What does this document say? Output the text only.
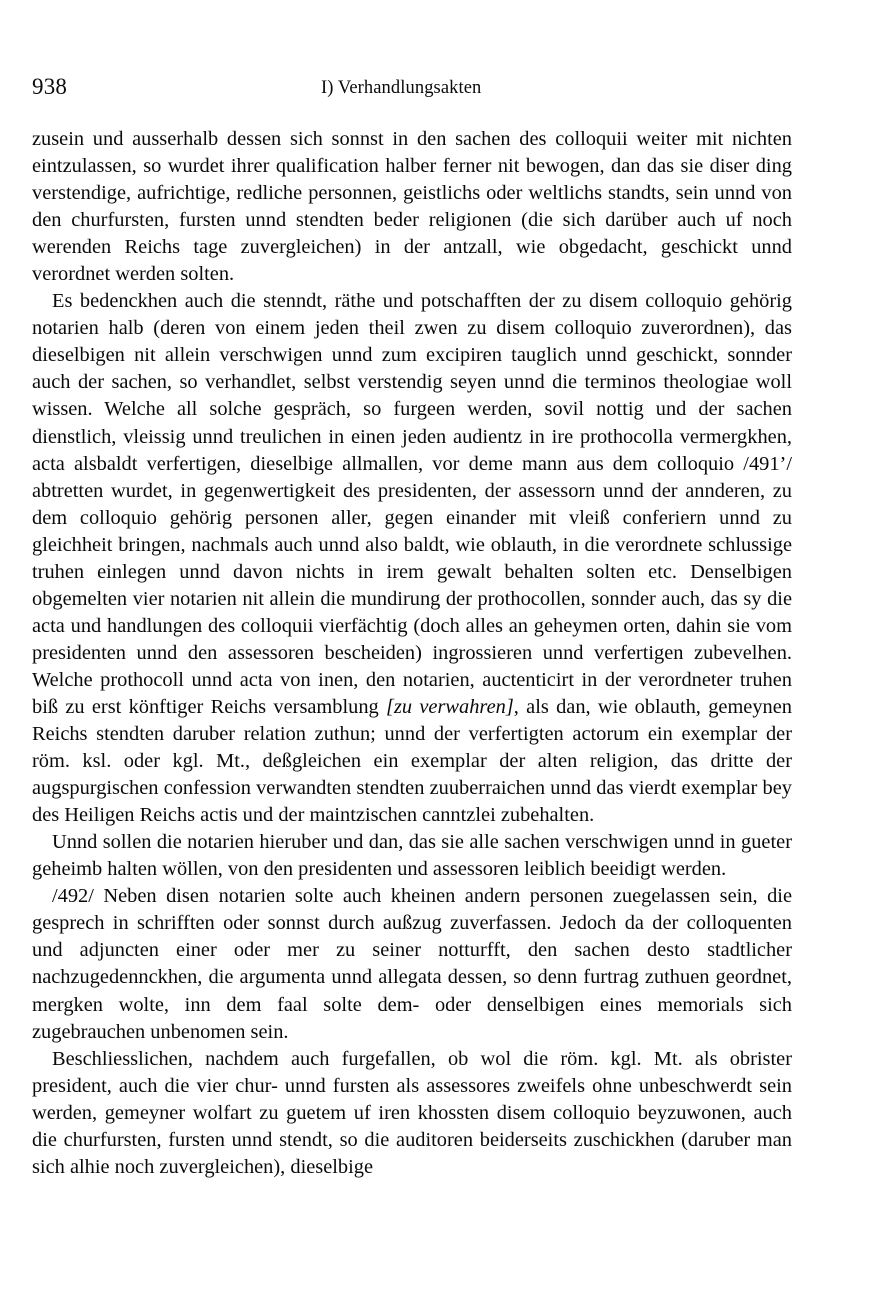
938	I) Verhandlungsakten

zusein und ausserhalb dessen sich sonnst in den sachen des colloquii weiter mit nichten eintzulassen, so wurdet ihrer qualification halber ferner nit bewogen, dan das sie diser ding verstendige, aufrichtige, redliche personnen, geistlichs oder weltlichs standts, sein unnd von den churfursten, fursten unnd stendten beder religionen (die sich darüber auch uf noch werenden Reichs tage zuvergleichen) in der antzall, wie obgedacht, geschickt unnd verordnet werden solten.

Es bedenckhen auch die stenndt, räthe und potschafften der zu disem colloquio gehörig notarien halb (deren von einem jeden theil zwen zu disem colloquio zuverordnen), das dieselbigen nit allein verschwigen unnd zum excipiren tauglich unnd geschickt, sonnder auch der sachen, so verhandlet, selbst verstendig seyen unnd die terminos theologiae woll wissen. Welche all solche gespräch, so furgeen werden, sovil nottig und der sachen dienstlich, vleissig unnd treulichen in einen jeden audientz in ire prothocolla vermergkhen, acta alsbaldt verfertigen, dieselbige allmallen, vor deme mann aus dem colloquio /491’/ abtretten wurdet, in gegenwertigkeit des presidenten, der assessorn unnd der annderen, zu dem colloquio gehörig personen aller, gegen einander mit vleiß conferiern unnd zu gleichheit bringen, nachmals auch unnd also baldt, wie oblauth, in die verordnete schlussige truhen einlegen unnd davon nichts in irem gewalt behalten solten etc. Denselbigen obgemelten vier notarien nit allein die mundirung der prothocollen, sonnder auch, das sy die acta und handlungen des colloquii vierfächtig (doch alles an geheymen orten, dahin sie vom presidenten unnd den assessoren bescheiden) ingrossieren unnd verfertigen zubevelhen. Welche prothocoll unnd acta von inen, den notarien, auctenticirt in der verordneter truhen biß zu erst könftiger Reichs versamblung [zu verwahren], als dan, wie oblauth, gemeynen Reichs stendten daruber relation zuthun; unnd der verfertigten actorum ein exemplar der röm. ksl. oder kgl. Mt., deßgleichen ein exemplar der alten religion, das dritte der augspurgischen confession verwandten stendten zuuberraichen unnd das vierdt exemplar bey des Heiligen Reichs actis und der maintzischen canntzlei zubehalten.

Unnd sollen die notarien hieruber und dan, das sie alle sachen verschwigen unnd in gueter geheimb halten wöllen, von den presidenten und assessoren leiblich beeidigt werden.

/492/ Neben disen notarien solte auch kheinen andern personen zuegelassen sein, die gesprech in schrifften oder sonnst durch außzug zuverfassen. Jedoch da der colloquenten und adjuncten einer oder mer zu seiner notturfft, den sachen desto stadtlicher nachzugedennckhen, die argumenta unnd allegata dessen, so denn furtrag zuthuen geordnet, mergken wolte, inn dem faal solte dem- oder denselbigen eines memorials sich zugebrauchen unbenomen sein.

Beschliesslichen, nachdem auch furgefallen, ob wol die röm. kgl. Mt. als obrister president, auch die vier chur- unnd fursten als assessores zweifels ohne unbeschwerdt sein werden, gemeyner wolfart zu guetem uf iren khossten disem colloquio beyzuwonen, auch die churfursten, fursten unnd stendt, so die auditoren beiderseits zuschickhen (daruber man sich alhie noch zuvergleichen), dieselbige
